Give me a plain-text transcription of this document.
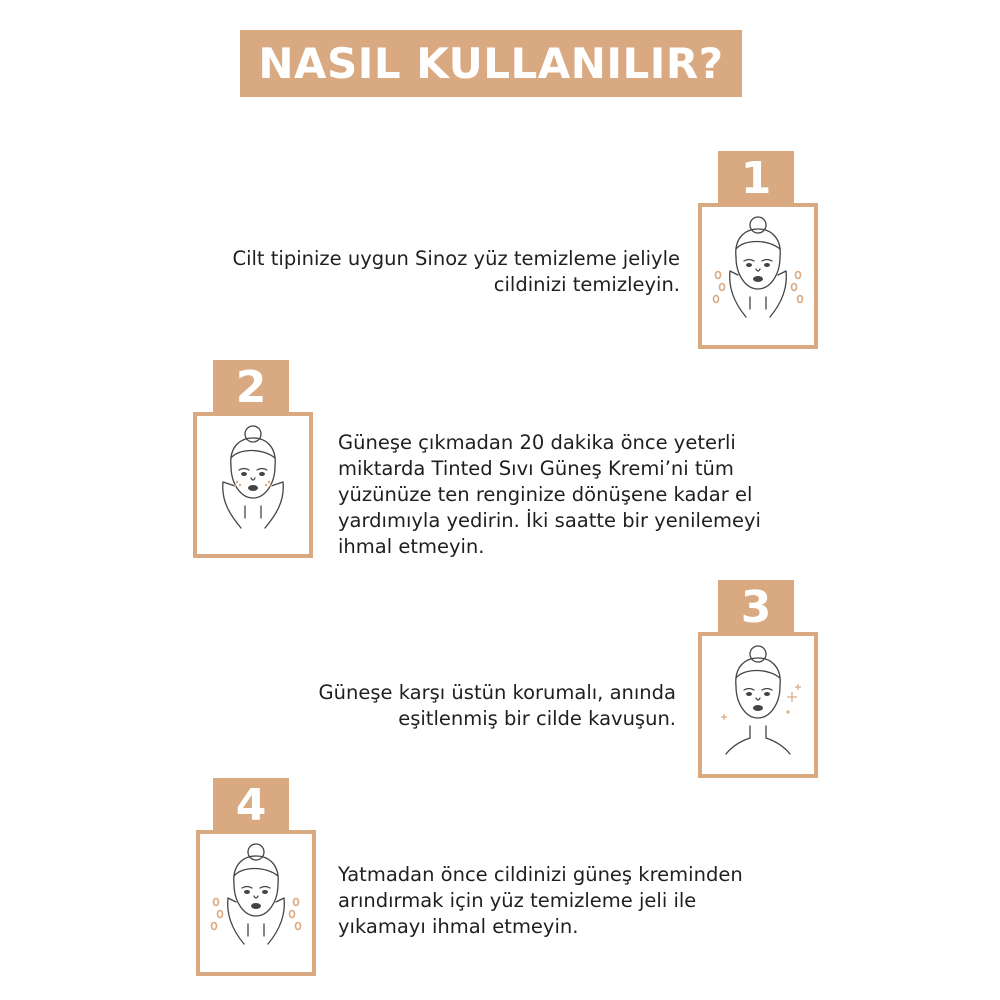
NASIL KULLANILIR?
1
Cilt tipinize uygun Sinoz yüz temizleme jeliyle
cildinizi temizleyin.
2
Güneşe çıkmadan 20 dakika önce yeterli
miktarda Tinted Sıvı Güneş Kremi’ni tüm
yüzünüze ten renginize dönüşene kadar el
yardımıyla yedirin. İki saatte bir yenilemeyi
ihmal etmeyin.
3
Güneşe karşı üstün korumalı, anında
eşitlenmiş bir cilde kavuşun.
4
Yatmadan önce cildinizi güneş kreminden
arındırmak için yüz temizleme jeli ile
yıkamayı ihmal etmeyin.
